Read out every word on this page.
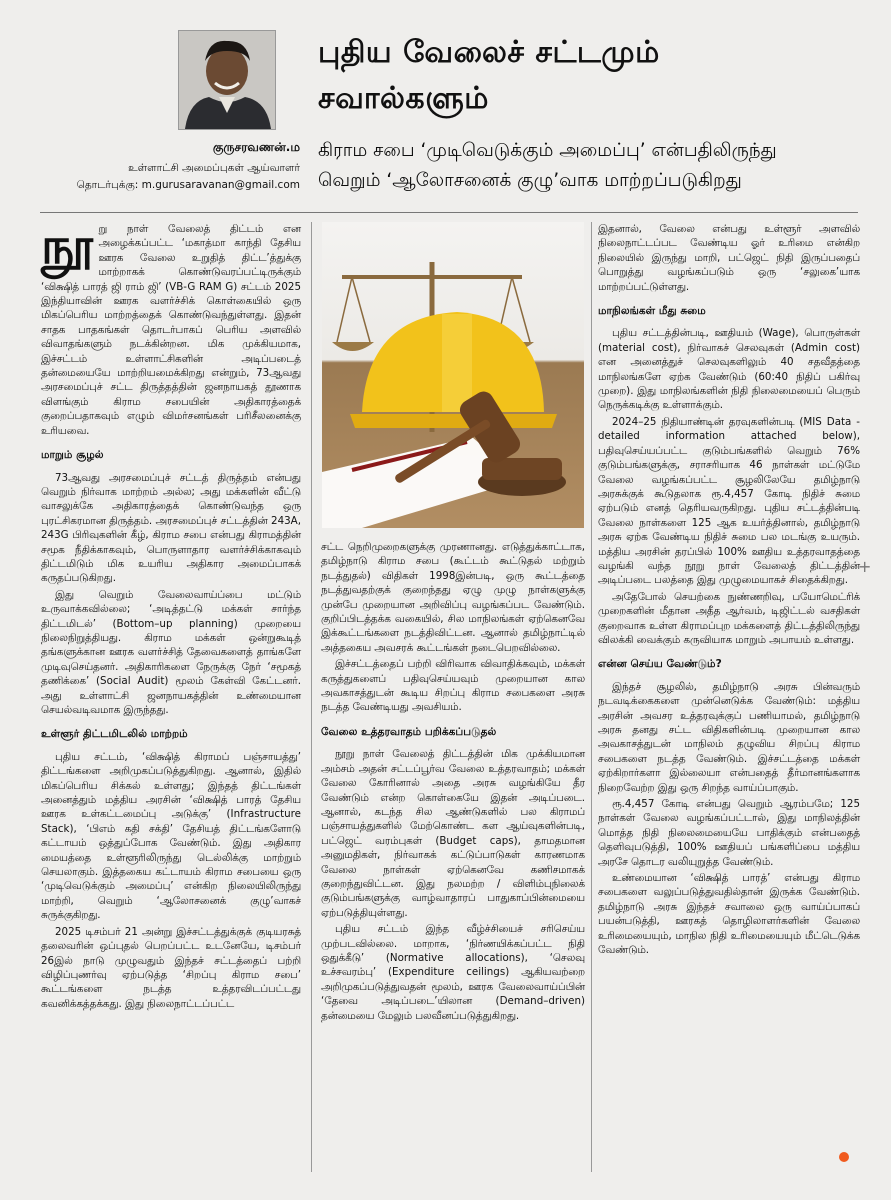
குருசரவணன்.ம
உள்ளாட்சி அமைப்புகள் ஆய்வாளர்
தொடர்புக்கு: m.gurusaravanan@gmail.com
புதிய வேலைச் சட்டமும்
சவால்களும்
கிராம சபை ‘முடிவெடுக்கும் அமைப்பு’ என்பதிலிருந்து
வெறும் ‘ஆலோசனைக் குழு’வாக மாற்றப்படுகிறது

நூறு நாள் வேலைத் திட்டம் என அழைக்கப்பட்ட ‘மகாத்மா காந்தி தேசிய ஊரக வேலை உறுதித் திட்ட’த்துக்கு மாற்றாகக் கொண்டுவரப்பட்டிருக்கும் ‘விக்ஷித் பாரத் ஜி ராம் ஜி’ (VB-G RAM G) சட்டம் 2025 இந்தியாவின் ஊரக வளர்ச்சிக் கொள்கையில் ஒரு மிகப்பெரிய மாற்றத்தைக் கொண்டுவந்துள்ளது. இதன் சாதக பாதகங்கள் தொடர்பாகப் பெரிய அளவில் விவாதங்களும் நடக்கின்றன. மிக முக்கியமாக, இச்சட்டம் உள்ளாட்சிகளின் அடிப்படைத் தன்மையையே மாற்றியமைக்கிறது என்றும், 73ஆவது அரசமைப்புச் சட்ட திருத்தத்தின் ஜனநாயகத் தூணாக விளங்கும் கிராம சபையின் அதிகாரத்தைக் குறைப்பதாகவும் எழும் விமர்சனங்கள் பரிசீலனைக்கு உரியவை.

மாறும் சூழல்

73ஆவது அரசமைப்புச் சட்டத் திருத்தம் என்பது வெறும் நிர்வாக மாற்றம் அல்ல; அது மக்களின் வீட்டு வாசலுக்கே அதிகாரத்தைக் கொண்டுவந்த ஒரு புரட்சிகரமான திருத்தம். அரசமைப்புச் சட்டத்தின் 243A, 243G பிரிவுகளின் கீழ், கிராம சபை என்பது கிராமத்தின் சமூக நீதிக்காகவும், பொருளாதார வளர்ச்சிக்காகவும் திட்டமிடும் மிக உயரிய அதிகார அமைப்பாகக் கருதப்படுகிறது.

இது வெறும் வேலைவாய்ப்பை மட்டும் உருவாக்கவில்லை; ‘அடித்தட்டு மக்கள் சார்ந்த திட்டமிடல்’ (Bottom–up planning) முறையை நிலைநிறுத்தியது. கிராம மக்கள் ஒன்றுகூடித் தங்களுக்கான ஊரக வளர்ச்சித் தேவைகளைத் தாங்களே முடிவுசெய்தனர். அதிகாரிகளை நேருக்கு நேர் ‘சமூகத் தணிக்கை’ (Social Audit) மூலம் கேள்வி கேட்டனர். அது உள்ளாட்சி ஜனநாயகத்தின் உண்மையான செயல்வடிவமாக இருந்தது.

உள்ளூர் திட்டமிடலில் மாற்றம்

புதிய சட்டம், ‘விக்ஷித் கிராமப் பஞ்சாயத்து’ திட்டங்களை அறிமுகப்படுத்துகிறது. ஆனால், இதில் மிகப்பெரிய சிக்கல் உள்ளது; இந்தத் திட்டங்கள் அனைத்தும் மத்திய அரசின் ‘விக்ஷித் பாரத் தேசிய ஊரக உள்கட்டமைப்பு அடுக்கு’ (Infrastructure Stack), ‘பிஎம் கதி சக்தி’ தேசியத் திட்டங்களோடு கட்டாயம் ஒத்துப்போக வேண்டும். இது அதிகார மையத்தை உள்ளூரிலிருந்து டெல்லிக்கு மாற்றும் செயலாகும். இத்தகைய கட்டாயம் கிராம சபையை ஒரு ‘முடிவெடுக்கும் அமைப்பு’ என்கிற நிலையிலிருந்து மாற்றி, வெறும் ‘ஆலோசனைக் குழு’வாகச் சுருக்குகிறது.

2025 டிசம்பர் 21 அன்று இச்சட்டத்துக்குக் குடியரசுத் தலைவரின் ஒப்புதல் பெறப்பட்ட உடனேயே, டிசம்பர் 26இல் நாடு முழுவதும் இந்தச் சட்டத்தைப் பற்றி விழிப்புணர்வு ஏற்படுத்த ‘சிறப்பு கிராம சபை’ கூட்டங்களை நடத்த உத்தரவிடப்பட்டது கவனிக்கத்தக்கது. இது நிலைநாட்டப்பட்ட

சட்ட நெறிமுறைகளுக்கு முரணானது. எடுத்துக்காட்டாக, தமிழ்நாடு கிராம சபை (கூட்டம் கூட்டுதல் மற்றும் நடத்துதல்) விதிகள் 1998இன்படி, ஒரு கூட்டத்தை நடத்துவதற்குக் குறைந்தது ஏழு முழு நாள்களுக்கு முன்பே முறையான அறிவிப்பு வழங்கப்பட வேண்டும். குறிப்பிடத்தக்க வகையில், சில மாநிலங்கள் ஏற்கெனவே இக்கூட்டங்களை நடத்திவிட்டன. ஆனால் தமிழ்நாட்டில் அத்தகைய அவசரக் கூட்டங்கள் நடைபெறவில்லை.

இச்சட்டத்தைப் பற்றி விரிவாக விவாதிக்கவும், மக்கள் கருத்துகளைப் பதிவுசெய்யவும் முறையான கால அவகாசத்துடன் கூடிய சிறப்பு கிராம சபைகளை அரசு நடத்த வேண்டியது அவசியம்.

வேலை உத்தரவாதம் பறிக்கப்படுதல்

நூறு நாள் வேலைத் திட்டத்தின் மிக முக்கியமான அம்சம் அதன் சட்டப்பூர்வ வேலை உத்தரவாதம்; மக்கள் வேலை கோரினால் அதை அரசு வழங்கியே தீர வேண்டும் என்ற கொள்கையே இதன் அடிப்படை. ஆனால், கடந்த சில ஆண்டுகளில் பல கிராமப் பஞ்சாயத்துகளில் மேற்கொண்ட கள ஆய்வுகளின்படி, பட்ஜெட் வரம்புகள் (Budget caps), தாமதமான அனுமதிகள், நிர்வாகக் கட்டுப்பாடுகள் காரணமாக வேலை நாள்கள் ஏற்கெனவே கணிசமாகக் குறைந்துவிட்டன. இது நலமற்ற / விளிம்புநிலைக் குடும்பங்களுக்கு வாழ்வாதாரப் பாதுகாப்பின்மையை ஏற்படுத்தியுள்ளது.

புதிய சட்டம் இந்த வீழ்ச்சியைச் சரிசெய்ய முற்படவில்லை. மாறாக, ‘நிர்ணயிக்கப்பட்ட நிதி ஒதுக்கீடு’ (Normative allocations), ‘செலவு உச்சவரம்பு’ (Expenditure ceilings) ஆகியவற்றை அறிமுகப்படுத்துவதன் மூலம், ஊரக வேலைவாய்ப்பின் ‘தேவை அடிப்படை’யிலான (Demand–driven) தன்மையை மேலும் பலவீனப்படுத்துகிறது.

இதனால், வேலை என்பது உள்ளூர் அளவில் நிலைநாட்டப்பட வேண்டிய ஓர் உரிமை என்கிற நிலையில் இருந்து மாறி, பட்ஜெட் நிதி இருப்பதைப் பொறுத்து வழங்கப்படும் ஒரு ‘சலுகை’யாக மாற்றப்பட்டுள்ளது.

மாநிலங்கள் மீது சுமை

புதிய சட்டத்தின்படி, ஊதியம் (Wage), பொருள்கள் (material cost), நிர்வாகச் செலவுகள் (Admin cost) என அனைத்துச் செலவுகளிலும் 40 சதவீதத்தை மாநிலங்களே ஏற்க வேண்டும் (60:40 நிதிப் பகிர்வு முறை). இது மாநிலங்களின் நிதி நிலைமையைப் பெரும் நெருக்கடிக்கு உள்ளாக்கும்.

2024–25 நிதியாண்டின் தரவுகளின்படி (MIS Data - detailed information attached below), பதிவுசெய்யப்பட்ட குடும்பங்களில் வெறும் 76% குடும்பங்களுக்கு, சராசரியாக 46 நாள்கள் மட்டுமே வேலை வழங்கப்பட்ட சூழலிலேயே தமிழ்நாடு அரசுக்குக் கூடுதலாக ரூ.4,457 கோடி நிதிச் சுமை ஏற்படும் எனத் தெரியவருகிறது. புதிய சட்டத்தின்படி வேலை நாள்களை 125 ஆக உயர்த்தினால், தமிழ்நாடு அரசு ஏற்க வேண்டிய நிதிச் சுமை பல மடங்கு உயரும். மத்திய அரசின் தரப்பில் 100% ஊதிய உத்தரவாதத்தை வழங்கி வந்த நூறு நாள் வேலைத் திட்டத்தின் அடிப்படை பலத்தை இது முழுமையாகச் சிதைக்கிறது.

அதேபோல் செயற்கை நுண்ணறிவு, பயோமெட்ரிக் முறைகளின் மீதான அதீத ஆர்வம், டிஜிட்டல் வசதிகள் குறைவாக உள்ள கிராமப்புற மக்களைத் திட்டத்திலிருந்து விலக்கி வைக்கும் கருவியாக மாறும் அபாயம் உள்ளது.

என்ன செய்ய வேண்டும்?

இந்தச் சூழலில், தமிழ்நாடு அரசு பின்வரும் நடவடிக்கைகளை முன்னெடுக்க வேண்டும்: மத்திய அரசின் அவசர உத்தரவுக்குப் பணியாமல், தமிழ்நாடு அரசு தனது சட்ட விதிகளின்படி முறையான கால அவகாசத்துடன் மாநிலம் தழுவிய சிறப்பு கிராம சபைகளை நடத்த வேண்டும். இச்சட்டத்தை மக்கள் ஏற்கிறார்களா இல்லையா என்பதைத் தீர்மானங்களாக நிறைவேற்ற இது ஒரு சிறந்த வாய்ப்பாகும்.

ரூ.4,457 கோடி என்பது வெறும் ஆரம்பமே; 125 நாள்கள் வேலை வழங்கப்பட்டால், இது மாநிலத்தின் மொத்த நிதி நிலைமையையே பாதிக்கும் என்பதைத் தெளிவுபடுத்தி, 100% ஊதியப் பங்களிப்பை மத்திய அரசே தொடர வலியுறுத்த வேண்டும்.

உண்மையான ‘விக்ஷித் பாரத்’ என்பது கிராம சபைகளை வலுப்படுத்துவதில்தான் இருக்க வேண்டும். தமிழ்நாடு அரசு இந்தச் சவாலை ஒரு வாய்ப்பாகப் பயன்படுத்தி, ஊரகத் தொழிலாளர்களின் வேலை உரிமையையும், மாநில நிதி உரிமையையும் மீட்டெடுக்க வேண்டும்.

+
